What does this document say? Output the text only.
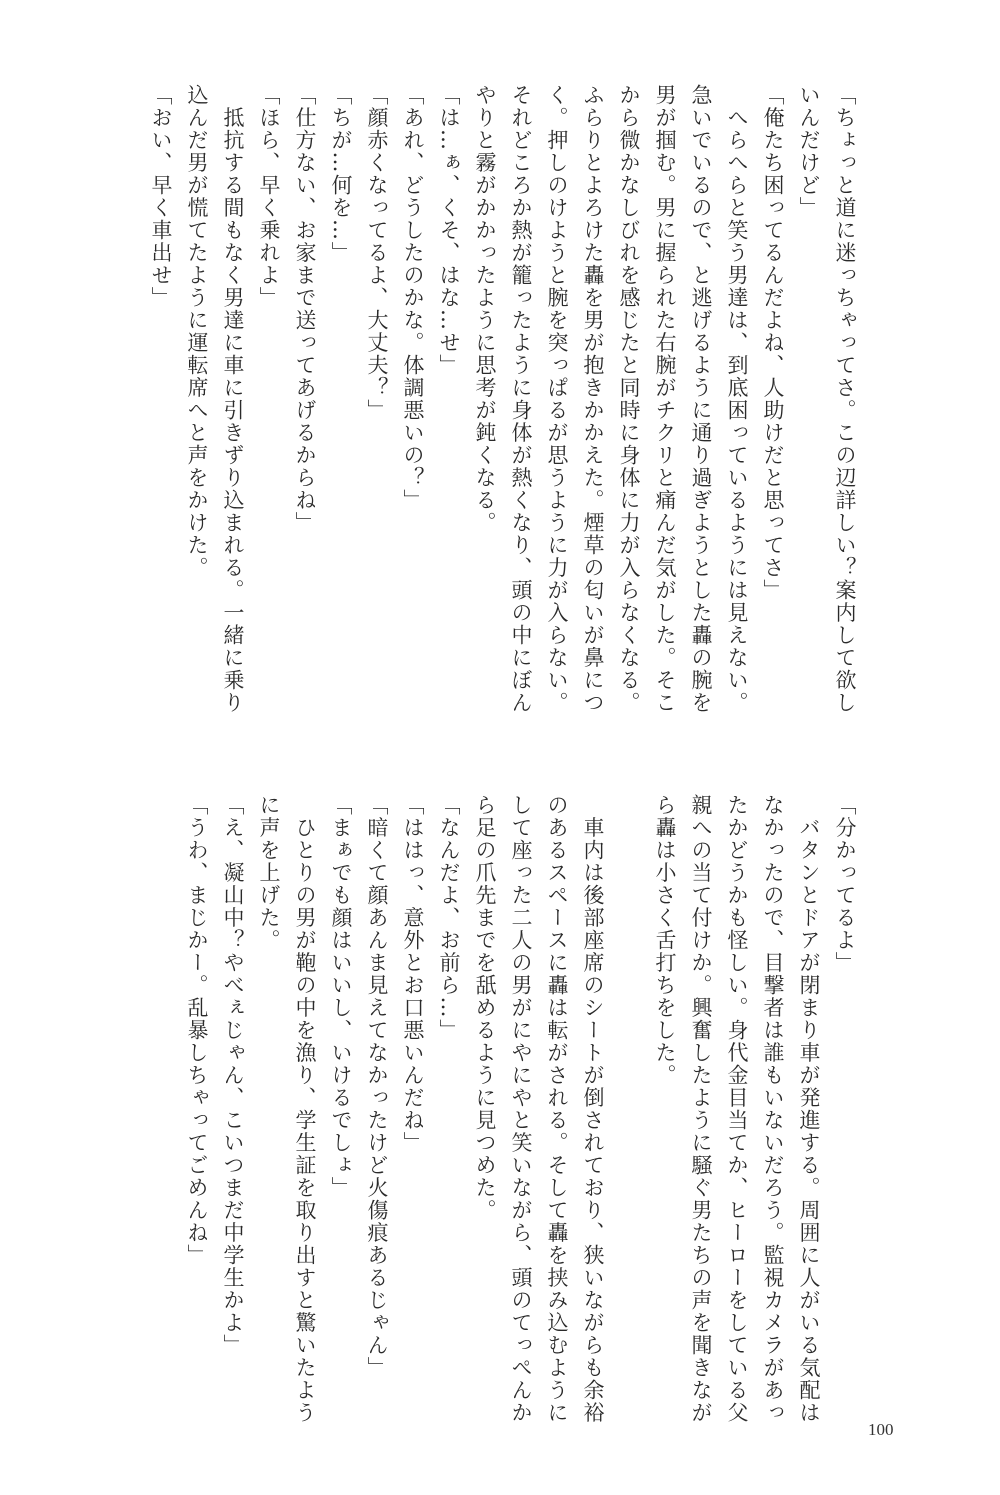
「ちょっと道に迷っちゃってさ。この辺詳しい？案内して欲し
いんだけど」
「俺たち困ってるんだよね、人助けだと思ってさ」
　へらへらと笑う男達は、到底困っているようには見えない。
急いでいるので、と逃げるように通り過ぎようとした轟の腕を
男が掴む。男に握られた右腕がチクリと痛んだ気がした。そこ
から微かなしびれを感じたと同時に身体に力が入らなくなる。
ふらりとよろけた轟を男が抱きかかえた。煙草の匂いが鼻につ
く。押しのけようと腕を突っぱるが思うように力が入らない。
それどころか熱が籠ったように身体が熱くなり、頭の中にぼん
やりと霧がかかったように思考が鈍くなる。
「は…ぁ、くそ、はな…せ」
「あれ、どうしたのかな。体調悪いの？」
「顔赤くなってるよ、大丈夫？」
「ちが…何を…」
「仕方ない、お家まで送ってあげるからね」
「ほら、早く乗れよ」
　抵抗する間もなく男達に車に引きずり込まれる。一緒に乗り
込んだ男が慌てたように運転席へと声をかけた。
「おい、早く車出せ」
「分かってるよ」
　バタンとドアが閉まり車が発進する。周囲に人がいる気配は
なかったので、目撃者は誰もいないだろう。監視カメラがあっ
たかどうかも怪しい。身代金目当てか、ヒーローをしている父
親への当て付けか。興奮したように騒ぐ男たちの声を聞きなが
ら轟は小さく舌打ちをした。
　車内は後部座席のシートが倒されており、狭いながらも余裕
のあるスペースに轟は転がされる。そして轟を挟み込むように
して座った二人の男がにやにやと笑いながら、頭のてっぺんか
ら足の爪先までを舐めるように見つめた。
「なんだよ、お前ら…」
「ははっ、意外とお口悪いんだね」
「暗くて顔あんま見えてなかったけど火傷痕あるじゃん」
「まぁでも顔はいいし、いけるでしょ」
　ひとりの男が鞄の中を漁り、学生証を取り出すと驚いたよう
に声を上げた。
「え、凝山中？やべぇじゃん、こいつまだ中学生かよ」
「うわ、まじかー。乱暴しちゃってごめんね」
100
